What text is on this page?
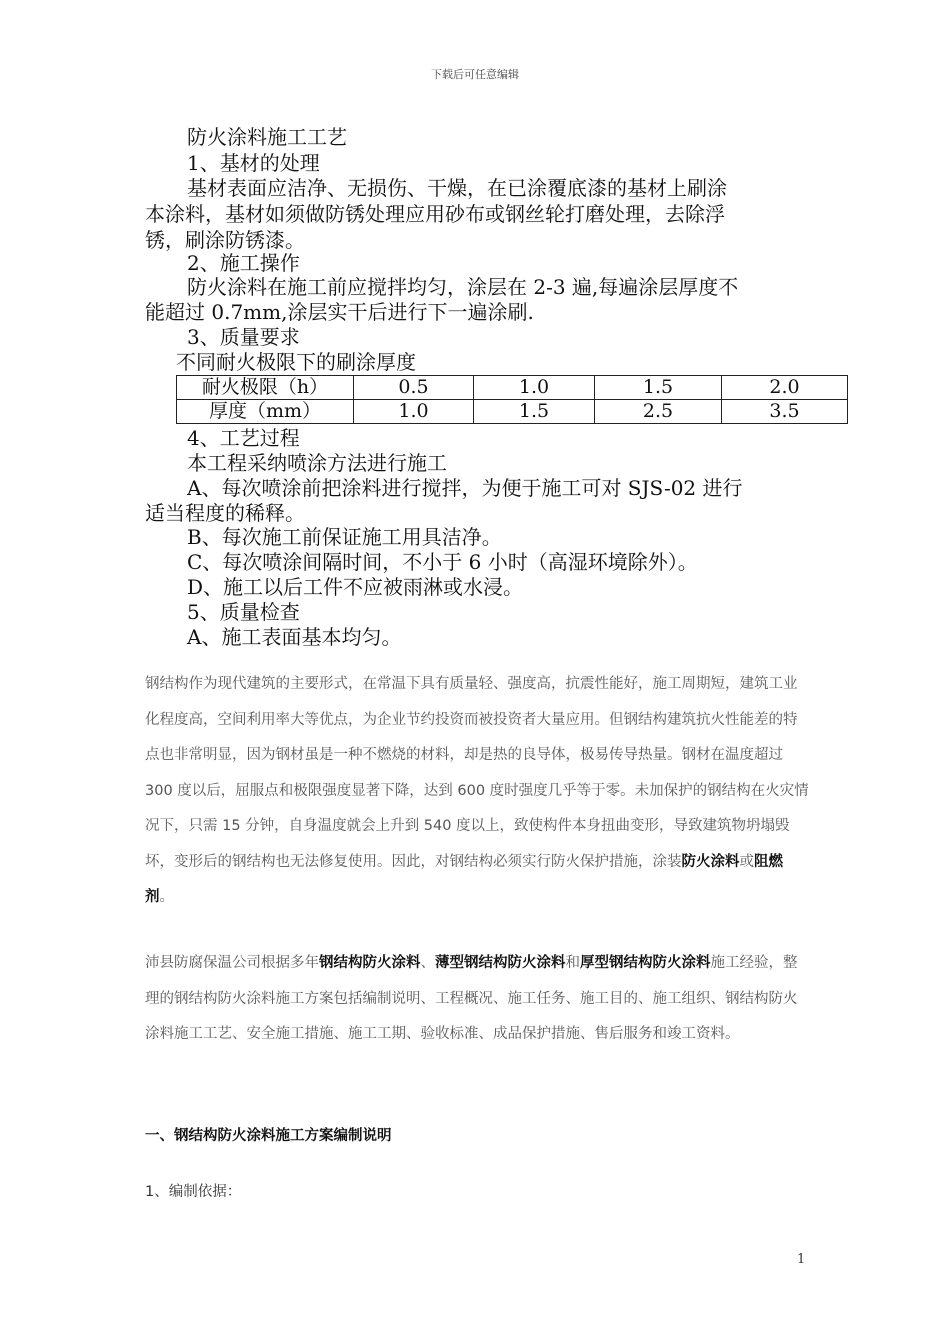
下载后可任意编辑
防火涂料施工工艺
1、基材的处理
基材表面应洁净、无损伤、干燥，在已涂覆底漆的基材上刷涂
本涂料，基材如须做防锈处理应用砂布或钢丝轮打磨处理，去除浮
锈，刷涂防锈漆。
2、施工操作
防火涂料在施工前应搅拌均匀，涂层在 2-3 遍,每遍涂层厚度不
能超过 0.7mm,涂层实干后进行下一遍涂刷.
3、质量要求
不同耐火极限下的刷涂厚度
耐火极限（h）	0.5	1.0	1.5	2.0
厚度（mm）	1.0	1.5	2.5	3.5
4、工艺过程
本工程采纳喷涂方法进行施工
A、每次喷涂前把涂料进行搅拌，为便于施工可对 SJS-02 进行
适当程度的稀释。
B、每次施工前保证施工用具洁净。
C、每次喷涂间隔时间，不小于 6 小时（高湿环境除外）。
D、施工以后工件不应被雨淋或水浸。
5、质量检查
A、施工表面基本均匀。
钢结构作为现代建筑的主要形式，在常温下具有质量轻、强度高，抗震性能好，施工周期短，建筑工业化程度高，空间利用率大等优点，为企业节约投资而被投资者大量应用。但钢结构建筑抗火性能差的特点也非常明显，因为钢材虽是一种不燃烧的材料，却是热的良导体，极易传导热量。钢材在温度超过 300 度以后，屈服点和极限强度显著下降，达到 600 度时强度几乎等于零。未加保护的钢结构在火灾情况下，只需 15 分钟，自身温度就会上升到 540 度以上，致使构件本身扭曲变形，导致建筑物坍塌毁坏，变形后的钢结构也无法修复使用。因此，对钢结构必须实行防火保护措施，涂装防火涂料或阻燃剂。
沛县防腐保温公司根据多年钢结构防火涂料、薄型钢结构防火涂料和厚型钢结构防火涂料施工经验，整理的钢结构防火涂料施工方案包括编制说明、工程概况、施工任务、施工目的、施工组织、钢结构防火涂料施工工艺、安全施工措施、施工工期、验收标准、成品保护措施、售后服务和竣工资料。
一、钢结构防火涂料施工方案编制说明
1、编制依据：
1
